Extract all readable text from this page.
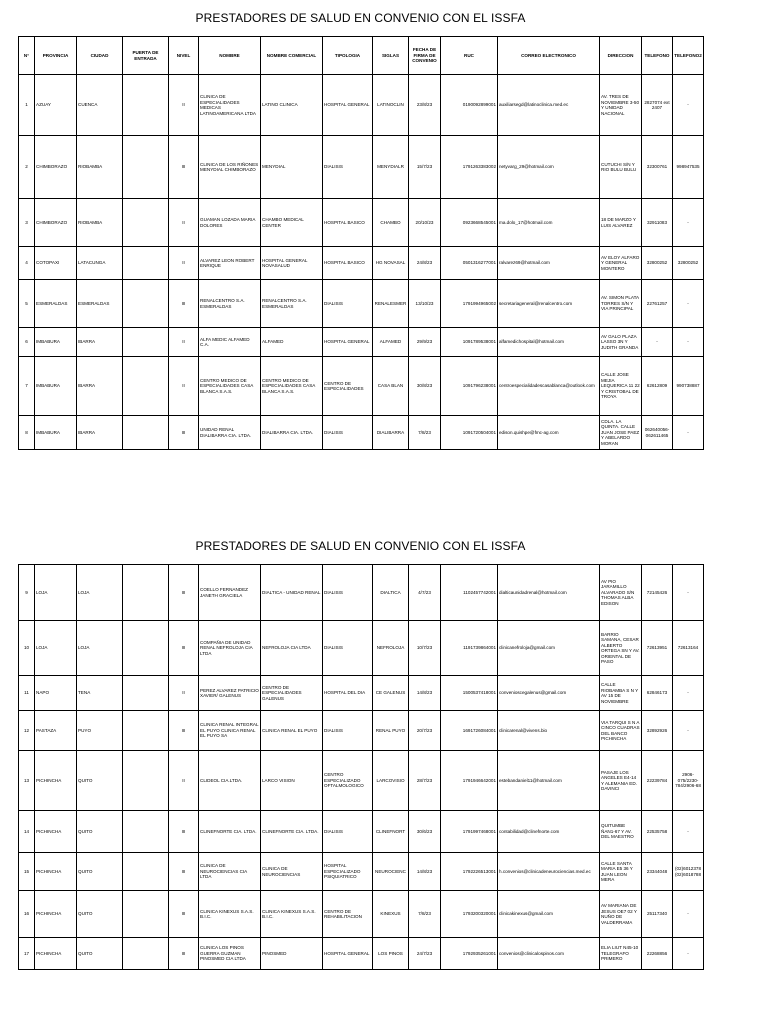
PRESTADORES DE SALUD EN CONVENIO CON EL ISSFA
N°	PROVINCIA	CIUDAD	PUERTA DE ENTRADA	NIVEL	NOMBRE	NOMBRE COMERCIAL	TIPOLOGIA	SIGLAS	FECHA DE FIRMA DE CONVENIO	RUC	CORREO ELECTRONICO	DIRECCION	TELEFONO	TELEFONO2
1	AZUAY	CUENCA		II	CLINICA DE ESPECIALIDADES MEDICAS LATINOAMERICANA LTDA	LATINO CLINICA	HOSPITAL GENERAL	LATINOCLIN	23/8/23	0190092899001	auxiliarsegd@latinoclinica.med.ec	AV. TRES DE NOVIEMBRE 3-50 Y UNIDAD NACIONAL	2827074 ext 2407	-
2	CHIMBORAZO	RIOBAMBA		III	CLINICA DE LOS RIÑONES MENYDIAL CHIMBORAZO	MENYDIAL	DIALISIS	MENYDIALR	15/7/23	1791263383002	netyvarg_29@hotmail.com	CUTUCHI S/N Y RIO BULU BULU	32300761	998947535
3	CHIMBORAZO	RIOBAMBA		II	GUAMAN LOZADA MARIA DOLORES	CHAMBO MEDICAL CENTER	HOSPITAL BASICO	CHAMBO	20/10/23	0923668545001	ma.dolo_17@hotmail.com	18 DE MARZO Y LUIS ALVAREZ	32911083	-
4	COTOPAXI	LATACUNGA		II	ALVAREZ LEON ROBERT ENRIQUE	HOSPITAL GENERAL NOVASALUD	HOSPITAL BASICO	HG NOVASAL	24/8/23	0501316277001	ralvarez69@hotmail.com	AV ELOY ALFARO Y GENERAL MONTERO	32800252	32800252
5	ESMERALDAS	ESMERALDAS		III	RENALCENTRO S.A. ESMERALDAS	RENALCENTRO S.A. ESMERALDAS	DIALISIS	RENALESMER	13/10/23	1791994965002	secretariageneral@renalcentro.com	AV. SIMON PLATA TORRES S/N Y VIA PRINCIPAL	22761257	-
6	IMBABURA	IBARRA		II	ALFA MEDIC ALFAMED C.A.	ALFAMED	HOSPITAL GENERAL	ALFAMED	29/9/23	1091789538001	alfamedichospital@hotmail.com	AV GALO PLAZA LASSO 3N Y JUDITH GRANDA	-	-
7	IMBABURA	IBARRA		II	CENTRO MEDICO DE ESPECIALIDADES CASA BLANCA S.A.S.	CENTRO MEDICO DE ESPECIALIDADES CASA BLANCA S.A.S.	CENTRO DE ESPECIALIDADES	CASA BLAN	30/8/23	1091796238001	centroespecialidadescasablanca@outlook.com	CALLE JOSE MEJIA LEQUERICA 11 22 Y CRISTOBAL DE TROYA	62612809	990738887
8	IMBABURA	IBARRA		III	UNIDAD RENAL DIALIBARRA CIA. LTDA.	DIALIBARRA CIA. LTDA.	DIALISIS	DIALIBARRA	7/8/23	1091720504001	edison.quishpe@fmc-ag.com	CDLA. LA QUINTA. CALLE JUAN JOSE PAEZ Y ABELARDO MORAN	062640056-062611465	-
PRESTADORES DE SALUD EN CONVENIO CON EL ISSFA
9	LOJA	LOJA		III	COELLO FERNANDEZ JANETH GRACIELA	DIALTICA - UNIDAD RENAL	DIALISIS	DIALTICA	4/7/23	1102457742001	dialticaunidadrenal@hotmail.com	AV PIO JARAMILLO ALVARADO S/N THOMAS ALBA EDISON	72145426	-
10	LOJA	LOJA		III	COMPAÑIA DE UNIDAD RENAL NEFROLOJA CIA LTDA	NEFROLOJA CIA LTDA	DIALISIS	NEFROLOJA	10/7/23	1191739864001	clinicanefroloja@gmail.com	BARRIO SAMANA, CESAR ALBERTO ORTEGA SN Y AV. ORIENTAL DE PASO	72613951	72613164
11	NAPO	TENA		II	PEREZ ALVAREZ PATRICIO XAVIER/ GALENUS	CENTRO DE ESPECIALIDADES GALENUS	HOSPITAL DEL DIA	CE GALENUS	14/8/23	1500537418001	convenioscegalenus@gmail.com	CALLE RIOBAMBA S N Y AV 15 DE NOVIEMBRE	62846173	-
12	PASTAZA	PUYO		III	CLINICA RENAL INTEGRAL EL PUYO CLINICA RENAL EL PUYO SA	CLINICA RENAL EL PUYO	DIALISIS	RENAL PUYO	20/7/23	1691726084001	clinicarenal@vivens.bio	VIA TARQUI S N A CINCO CUADRAS DEL BANCO PICHINCHA	32892926	-
13	PICHINCHA	QUITO		II	CLIDEOL CIA.LTDA.	LARCO VISION	CENTRO ESPECIALIZADO OFTALMOLOGICO	LARCOVISIO	28/7/23	1791946642001	estebandaniel11@hotmail.com	PASAJE LOS ANGELES E4-14 Y ALEMANIA ED. DAVINCI	22239784	2906-075/2230-784/2906-68
14	PICHINCHA	QUITO		III	CLINEFNORTE CIA. LTDA.	CLINEFNORTE CIA. LTDA.	DIALISIS	CLINEFNORT	30/6/23	1791997468001	contabilidad@clinefnorte.com	QUITUMBE ÑAN1-67 Y AV. DEL MAESTRO	22535758	-
15	PICHINCHA	QUITO		III	CLINICA DE NEUROCIENCIAS CIA LTDA	CLINICA DE NEUROCIENCIAS	HOSPITAL ESPECIALIZADO PSIQUIATRICO	NEUROCIENC	14/8/23	1792226513001	h.convenios@clinicadeneurociencias.med.ec	CALLE SANTA MARIA E5 36 Y JUAN LEON MERA	23344048	(02)6012378 (02)6018788
16	PICHINCHA	QUITO		III	CLINICA KINEXUS S.A.S. B.I.C.	CLINICA KINEXUS S.A.S. B.I.C.	CENTRO DE REHABILITACION	KINEXUS	7/8/23	1793200320001	clinicakinexus@gmail.com	AV MARIANA DE JESUS OE7 02 Y NUÑO DE VALDERRAMA	25117340	-
17	PICHINCHA	QUITO		III	CLINICA LOS PINOS GUERRA GUZMAN PINOSMED CIA LTDA	PINOSMED	HOSPITAL GENERAL	LOS PINOS	24/7/23	1792935261001	convenios@clinicalospinos.com	ELIA LIUT N45-10 TELEGRAFO PRIMERO	22268856	-
